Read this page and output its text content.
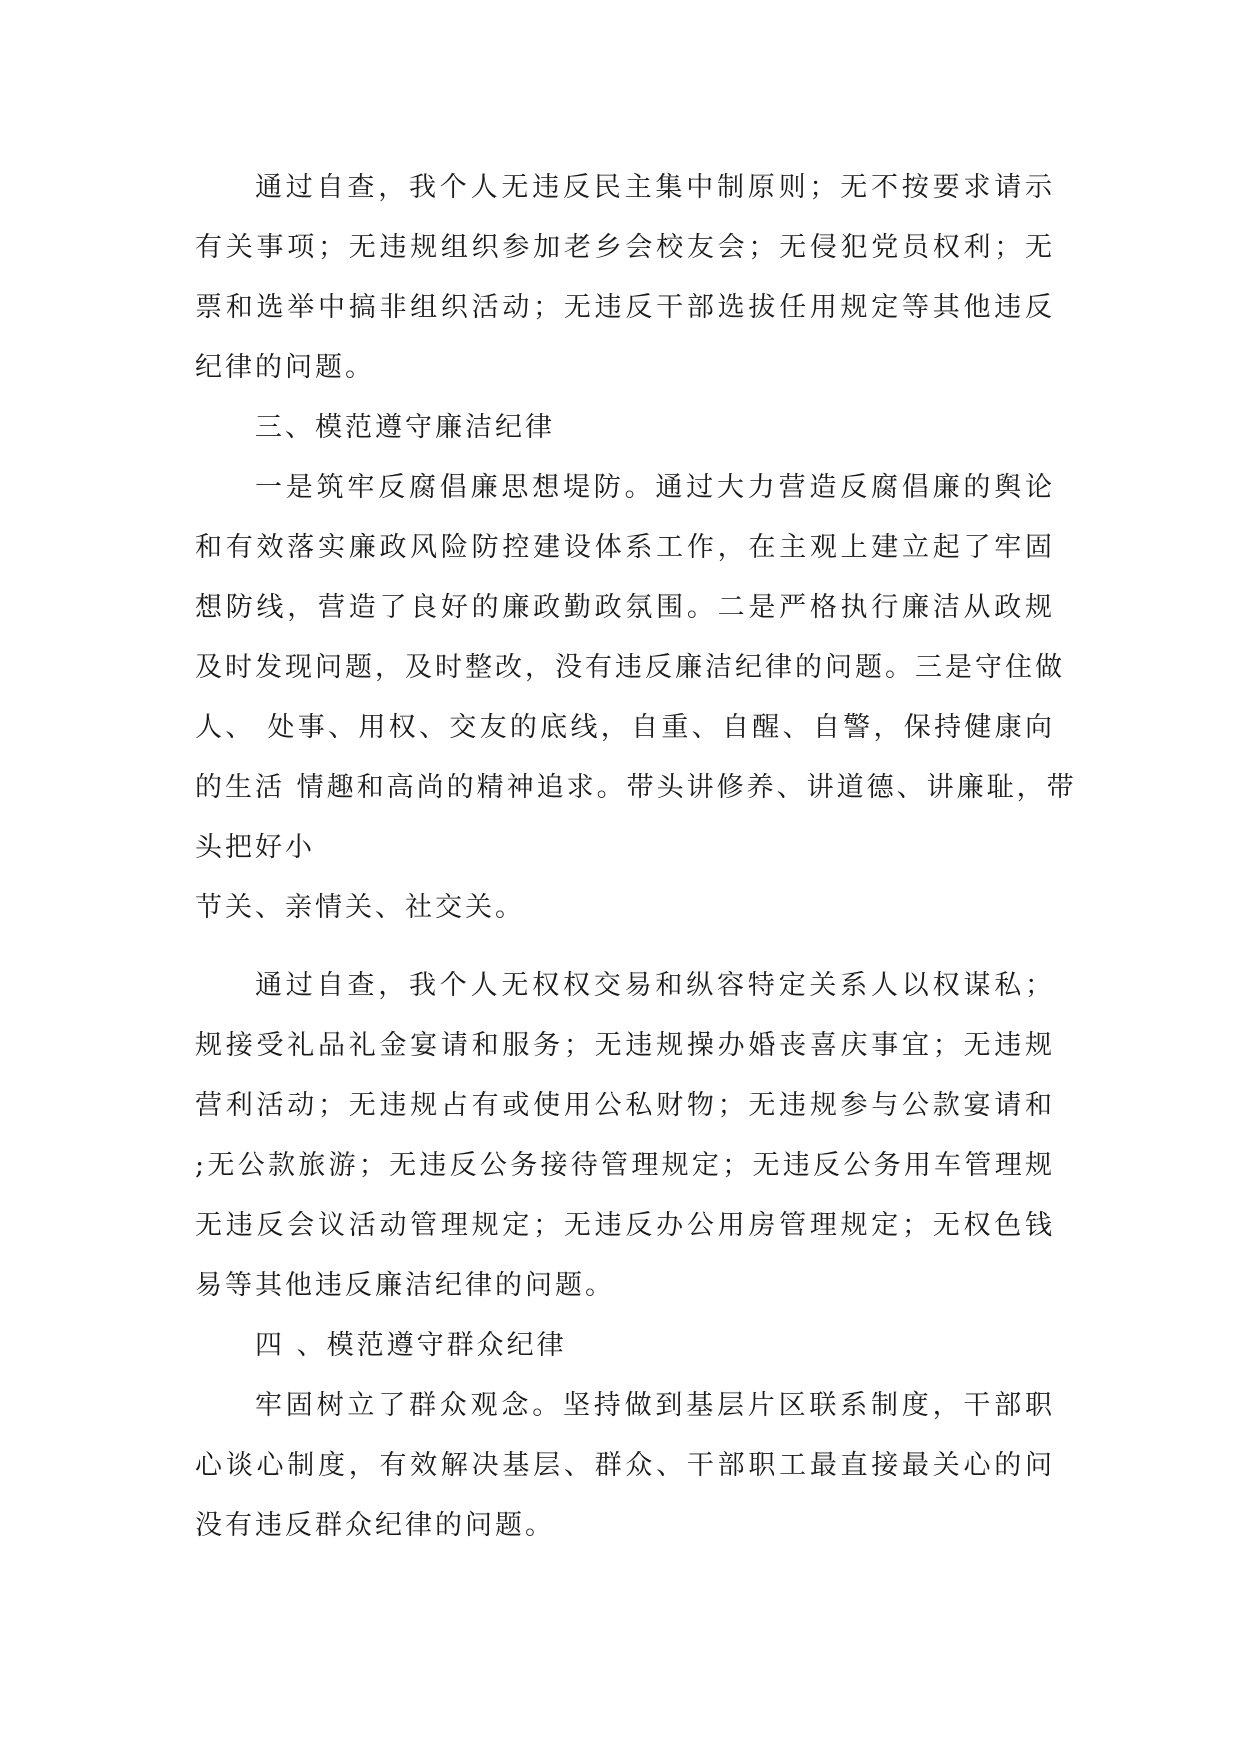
通过自查，我个人无违反民主集中制原则；无不按要求请示
有关事项；无违规组织参加老乡会校友会；无侵犯党员权利；无
票和选举中搞非组织活动；无违反干部选拔任用规定等其他违反
纪律的问题。
三、模范遵守廉洁纪律
一是筑牢反腐倡廉思想堤防。通过大力营造反腐倡廉的舆论
和有效落实廉政风险防控建设体系工作，在主观上建立起了牢固
想防线，营造了良好的廉政勤政氛围。二是严格执行廉洁从政规
及时发现问题，及时整改，没有违反廉洁纪律的问题。三是守住做
人、 处事、用权、交友的底线，自重、自醒、自警，保持健康向
的生活 情趣和高尚的精神追求。带头讲修养、讲道德、讲廉耻，带
头把好小
节关、亲情关、社交关。
通过自查，我个人无权权交易和纵容特定关系人以权谋私；
规接受礼品礼金宴请和服务；无违规操办婚丧喜庆事宜；无违规
营利活动；无违规占有或使用公私财物；无违规参与公款宴请和
;无公款旅游；无违反公务接待管理规定；无违反公务用车管理规
无违反会议活动管理规定；无违反办公用房管理规定；无权色钱
易等其他违反廉洁纪律的问题。
四 、模范遵守群众纪律
牢固树立了群众观念。坚持做到基层片区联系制度，干部职
心谈心制度，有效解决基层、群众、干部职工最直接最关心的问
没有违反群众纪律的问题。
